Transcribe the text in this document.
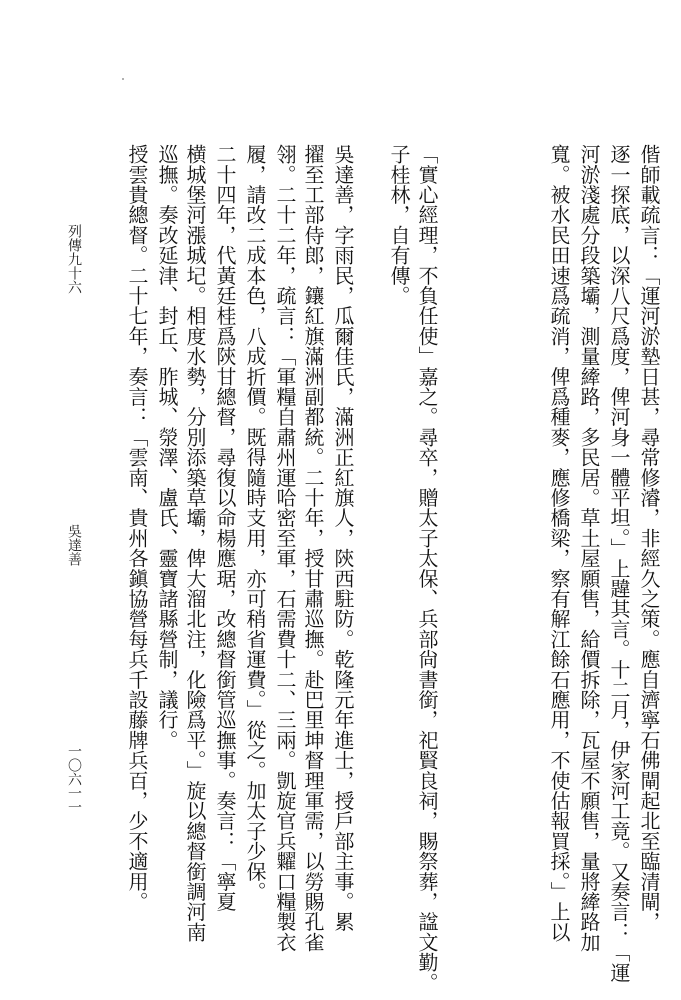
偕師載疏言：「運河淤墊日甚，尋常修濬，非經久之策。應自濟寧石佛閘起北至臨清閘，
逐一探底，以深八尺爲度，俾河身一體平坦。」上韙其言。十二月，伊家河工竟。又奏言：「運
河淤淺處分段築壩，測量縴路，多民居。草土屋願售，給價拆除，瓦屋不願售，量將縴路加
寬。被水民田速爲疏消，俾爲種麥，應修橋梁，察有解江餘石應用，不使估報買採。」上以
「實心經理，不負任使」嘉之。尋卒，贈太子太保、兵部尙書銜，祀賢良祠，賜祭葬，諡文勤。
子桂林，自有傳。
吳達善，字雨民，瓜爾佳氏，滿洲正紅旗人，陝西駐防。乾隆元年進士，授戶部主事。累
擢至工部侍郎，鑲紅旗滿洲副都統。二十年，授甘肅巡撫。赴巴里坤督理軍需，以勞賜孔雀
翎。二十二年，疏言：「軍糧自肅州運哈密至軍，石需費十二、三兩。凱旋官兵糶口糧製衣
履，請改二成本色，八成折價。既得隨時支用，亦可稍省運費。」從之。加太子少保。
二十四年，代黃廷桂爲陝甘總督，尋復以命楊應琚，改總督銜管巡撫事。奏言：「寧夏
横城堡河漲城圮。相度水勢，分別添築草壩，俾大溜北注，化險爲平。」旋以總督銜調河南
巡撫。奏改延津、封丘、胙城、滎澤、盧氏、靈寶諸縣營制，議行。
授雲貴總督。二十七年，奏言：「雲南、貴州各鎭協營每兵千設藤牌兵百，少不適用。
列傳九十六
吳達善
一〇六一一
